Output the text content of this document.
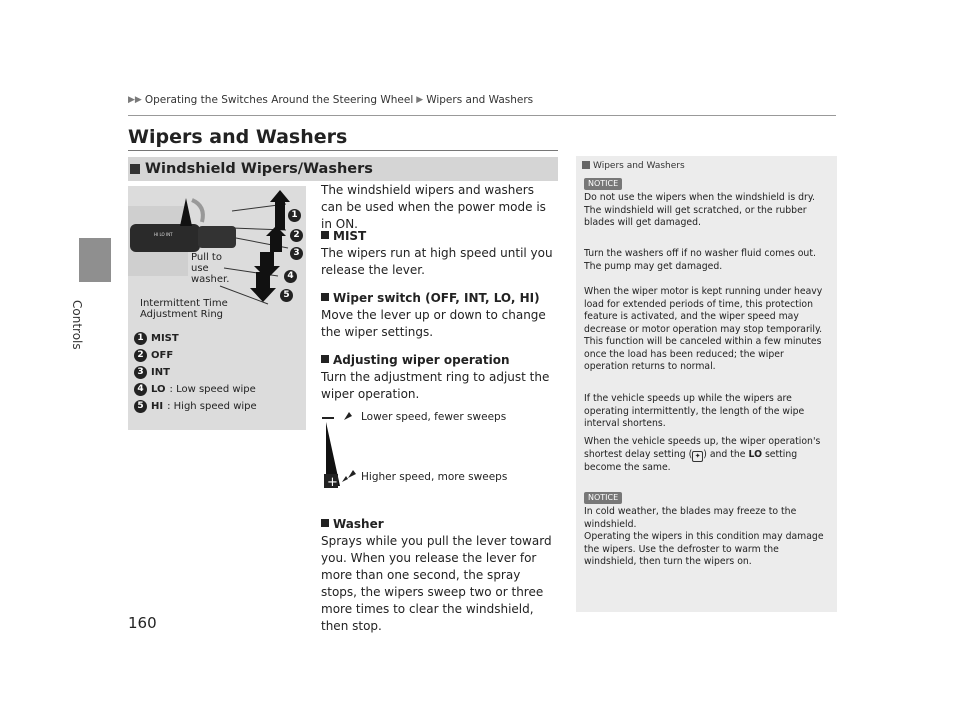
Controls
160
▶▶ Operating the Switches Around the Steering Wheel ▶ Wipers and Washers
Wipers and Washers
Windshield Wipers/Washers
HI LO INT
1
2
3
4
5
Pull to use washer.
Intermittent Time Adjustment Ring
1 MIST
2 OFF
3 INT
4 LO : Low speed wipe
5 HI : High speed wipe
The windshield wipers and washers can be used when the power mode is in ON.
MIST
The wipers run at high speed until you release the lever.
Wiper switch (OFF, INT, LO, HI)
Move the lever up or down to change the wiper settings.
Adjusting wiper operation
Turn the adjustment ring to adjust the wiper operation.
+
Lower speed, fewer sweeps
Higher speed, more sweeps
Washer
Sprays while you pull the lever toward you. When you release the lever for more than one second, the spray stops, the wipers sweep two or three more times to clear the windshield, then stop.
Wipers and Washers
NOTICE

Do not use the wipers when the windshield is dry. The windshield will get scratched, or the rubber blades will get damaged.

Turn the washers off if no washer fluid comes out. The pump may get damaged.

When the wiper motor is kept running under heavy load for extended periods of time, this protection feature is activated, and the wiper speed may decrease or motor operation may stop temporarily. This function will be canceled within a few minutes once the load has been reduced; the wiper operation returns to normal.

If the vehicle speeds up while the wipers are operating intermittently, the length of the wipe interval shortens.

When the vehicle speeds up, the wiper operation's shortest delay setting ( ✦ ) and the LO setting become the same.

NOTICE

In cold weather, the blades may freeze to the windshield.
Operating the wipers in this condition may damage the wipers. Use the defroster to warm the windshield, then turn the wipers on.
